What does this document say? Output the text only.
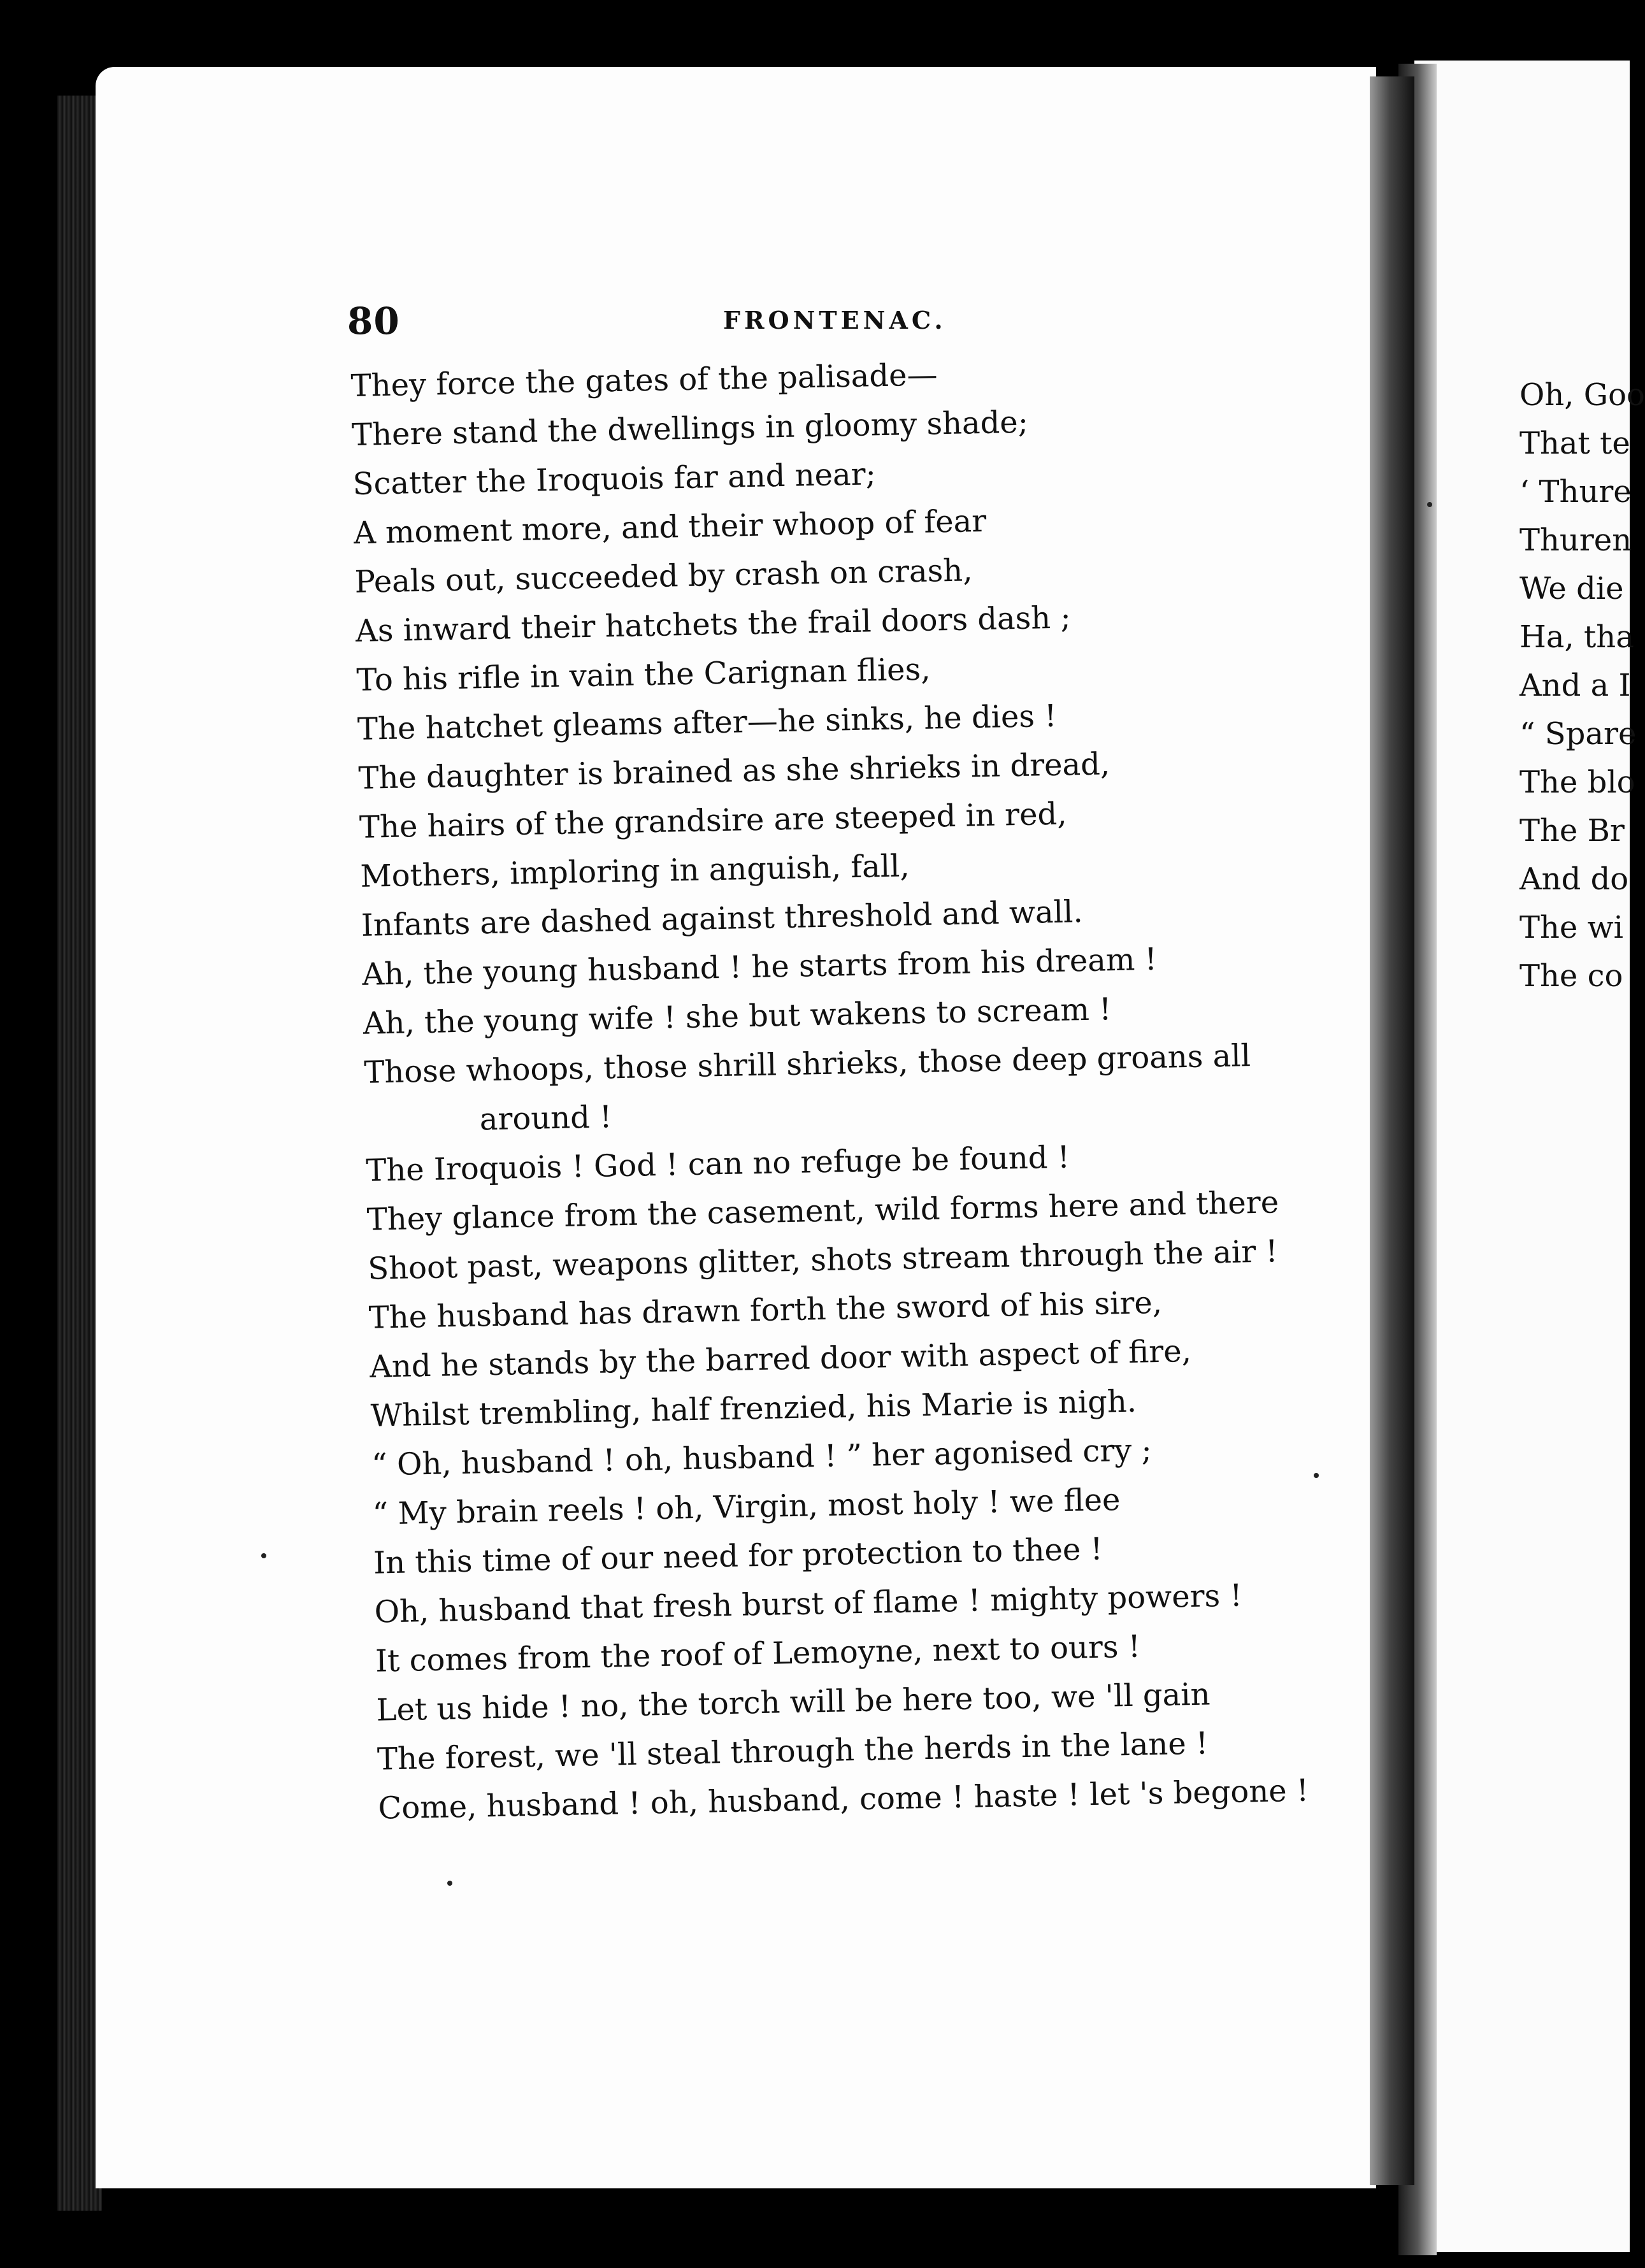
80	FRONTENAC.
They force the gates of the palisade—
There stand the dwellings in gloomy shade;
Scatter the Iroquois far and near;
A moment more, and their whoop of fear
Peals out, succeeded by crash on crash,
As inward their hatchets the frail doors dash ;
To his rifle in vain the Carignan flies,
The hatchet gleams after—he sinks, he dies !
The daughter is brained as she shrieks in dread,
The hairs of the grandsire are steeped in red,
Mothers, imploring in anguish, fall,
Infants are dashed against threshold and wall.
Ah, the young husband ! he starts from his dream !
Ah, the young wife ! she but wakens to scream !
Those whoops, those shrill shrieks, those deep groans all
around !
The Iroquois ! God ! can no refuge be found !
They glance from the casement, wild forms here and there
Shoot past, weapons glitter, shots stream through the air !
The husband has drawn forth the sword of his sire,
And he stands by the barred door with aspect of fire,
Whilst trembling, half frenzied, his Marie is nigh.
“ Oh, husband ! oh, husband ! ” her agonised cry ;
“ My brain reels ! oh, Virgin, most holy ! we flee
In this time of our need for protection to thee !
Oh, husband that fresh burst of flame ! mighty powers !
It comes from the roof of Lemoyne, next to ours !
Let us hide ! no, the torch will be here too, we 'll gain
The forest, we 'll steal through the herds in the lane !
Come, husband ! oh, husband, come ! haste ! let 's begone !
Oh, Goo
That te
‘ Thure
Thuren
We die
Ha, tha
And a I
“ Spare
The blo
The Br
And do
The wi
The co
